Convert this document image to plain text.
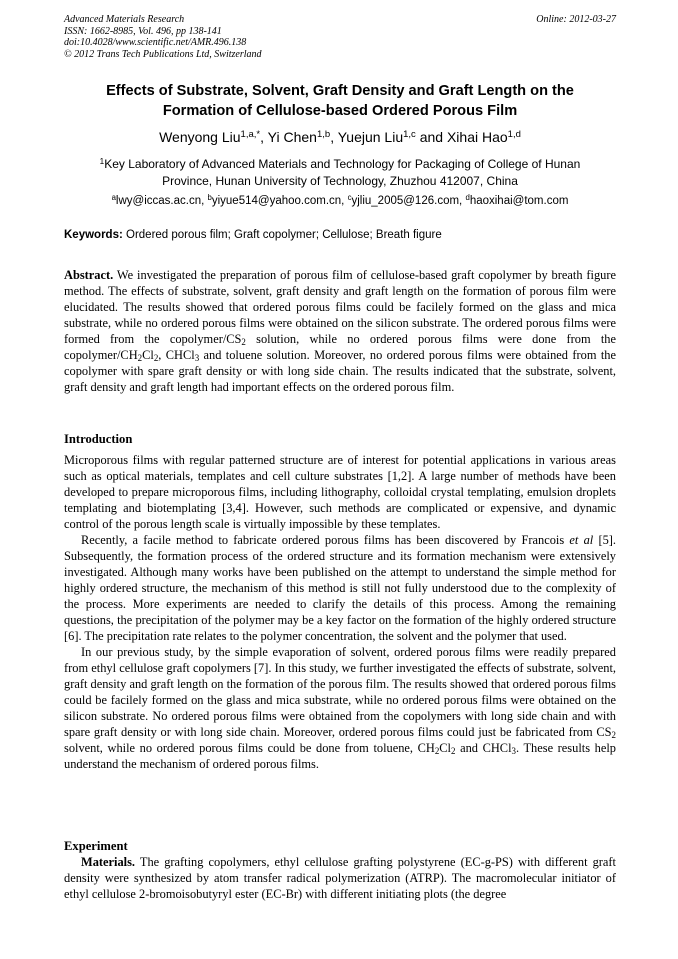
Advanced Materials Research
ISSN: 1662-8985, Vol. 496, pp 138-141
doi:10.4028/www.scientific.net/AMR.496.138
© 2012 Trans Tech Publications Ltd, Switzerland
Online: 2012-03-27
Effects of Substrate, Solvent, Graft Density and Graft Length on the
Formation of Cellulose-based Ordered Porous Film
Wenyong Liu$^{1,a,*}$, Yi Chen$^{1,b}$, Yuejun Liu$^{1,c}$ and Xihai Hao$^{1,d}$
$^1$Key Laboratory of Advanced Materials and Technology for Packaging of College of Hunan
Province, Hunan University of Technology, Zhuzhou 412007, China
$^a$lwy@iccas.ac.cn, $^b$yiyue514@yahoo.com.cn, $^c$yjliu_2005@126.com, $^d$haoxihai@tom.com
Keywords: Ordered porous film; Graft copolymer; Cellulose; Breath figure

Abstract. We investigated the preparation of porous film of cellulose-based graft copolymer by breath figure method. The effects of substrate, solvent, graft density and graft length on the formation of porous film were elucidated. The results showed that ordered porous films could be facilely formed on the glass and mica substrate, while no ordered porous films were obtained on the silicon substrate. The ordered porous films were formed from the copolymer/$CS_2$ solution, while no ordered porous films were done from the copolymer/$CH_2Cl_2$, CHCl$_3$ and toluene solution. Moreover, no ordered porous films were obtained from the copolymer with spare graft density or with long side chain. The results indicated that the substrate, solvent, graft density and graft length had important effects on the ordered porous film.

Introduction

Microporous films with regular patterned structure are of interest for potential applications in various areas such as optical materials, templates and cell culture substrates [1,2]. A large number of methods have been developed to prepare microporous films, including lithography, colloidal crystal templating, emulsion droplets templating and biotemplating [3,4]. However, such methods are complicated or expensive, and dynamic control of the porous length scale is virtually impossible by these templates.

Recently, a facile method to fabricate ordered porous films has been discovered by Francois et al [5]. Subsequently, the formation process of the ordered structure and its formation mechanism were extensively investigated. Although many works have been published on the attempt to understand the simple method for highly ordered structure, the mechanism of this method is still not fully understood due to the complexity of the process. More experiments are needed to clarify the details of this process. Among the remaining questions, the precipitation of the polymer may be a key factor on the formation of the highly ordered structure [6]. The precipitation rate relates to the polymer concentration, the solvent and the polymer that used.

In our previous study, by the simple evaporation of solvent, ordered porous films were readily prepared from ethyl cellulose graft copolymers [7]. In this study, we further investigated the effects of substrate, solvent, graft density and graft length on the formation of the porous film. The results showed that ordered porous films could be facilely formed on the glass and mica substrate, while no ordered porous films were obtained on the silicon substrate. No ordered porous films were obtained from the copolymers with long side chain and with spare graft density or with long side chain. Moreover, ordered porous films could just be fabricated from $CS_2$ solvent, while no ordered porous films could be done from toluene, $CH_2Cl_2$ and CHCl$_3$. These results help understand the mechanism of ordered porous films.

Experiment

Materials. The grafting copolymers, ethyl cellulose grafting polystyrene (EC-g-PS) with different graft density were synthesized by atom transfer radical polymerization (ATRP). The macromolecular initiator of ethyl cellulose 2-bromoisobutyryl ester (EC-Br) with different initiating plots (the degree
